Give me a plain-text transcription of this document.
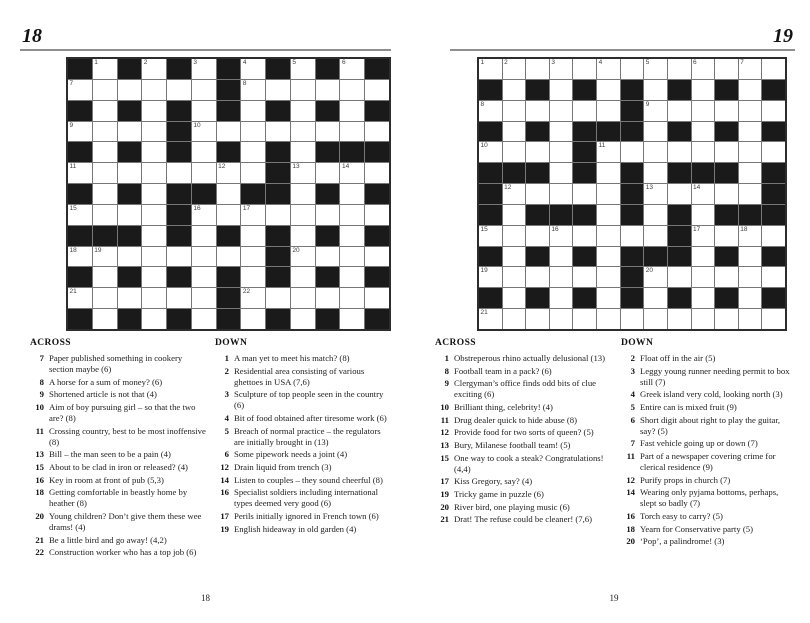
18
1	2	3	4	5	6
7	8
9	10
11	12	13	14
15	16	17
18	19	20
21	22
ACROSS
7 Paper published something in cookery section maybe (6)
8 A horse for a sum of money? (6)
9 Shortened article is not that (4)
10 Aim of boy pursuing girl – so that the two are? (8)
11 Crossing country, best to be most inoffensive (8)
13 Bill – the man seen to be a pain (4)
15 About to be clad in iron or released? (4)
16 Key in room at front of pub (5,3)
18 Getting comfortable in beastly home by heather (8)
20 Young children? Don’t give them these wee drams! (4)
21 Be a little bird and go away! (4,2)
22 Construction worker who has a top job (6)
DOWN
1 A man yet to meet his match? (8)
2 Residential area consisting of various ghettoes in USA (7,6)
3 Sculpture of top people seen in the country (6)
4 Bit of food obtained after tiresome work (6)
5 Breach of normal practice – the regulators are initially brought in (13)
6 Some pipework needs a joint (4)
12 Drain liquid from trench (3)
14 Listen to couples – they sound cheerful (8)
16 Specialist soldiers including international types deemed very good (6)
17 Perils initially ignored in French town (6)
19 English hideaway in old garden (4)
18
19
1	2	3	4	5	6	7
8	9
10	11
12	13	14
15	16	17	18
19	20
21
ACROSS
1 Obstreperous rhino actually delusional (13)
8 Football team in a pack? (6)
9 Clergyman’s office finds odd bits of clue exciting (6)
10 Brilliant thing, celebrity! (4)
11 Drug dealer quick to hide abuse (8)
12 Provide food for two sorts of queen? (5)
13 Bury, Milanese football team! (5)
15 One way to cook a steak? Congratulations! (4,4)
17 Kiss Gregory, say? (4)
19 Tricky game in puzzle (6)
20 River bird, one playing music (6)
21 Drat! The refuse could be cleaner! (7,6)
DOWN
2 Float off in the air (5)
3 Leggy young runner needing permit to box still (7)
4 Greek island very cold, looking north (3)
5 Entire can is mixed fruit (9)
6 Short digit about right to play the guitar, say? (5)
7 Fast vehicle going up or down (7)
11 Part of a newspaper covering crime for clerical residence (9)
12 Purify props in church (7)
14 Wearing only pyjama bottoms, perhaps, slept so badly (7)
16 Torch easy to carry? (5)
18 Yearn for Conservative party (5)
20 ‘Pop’, a palindrome! (3)
19
